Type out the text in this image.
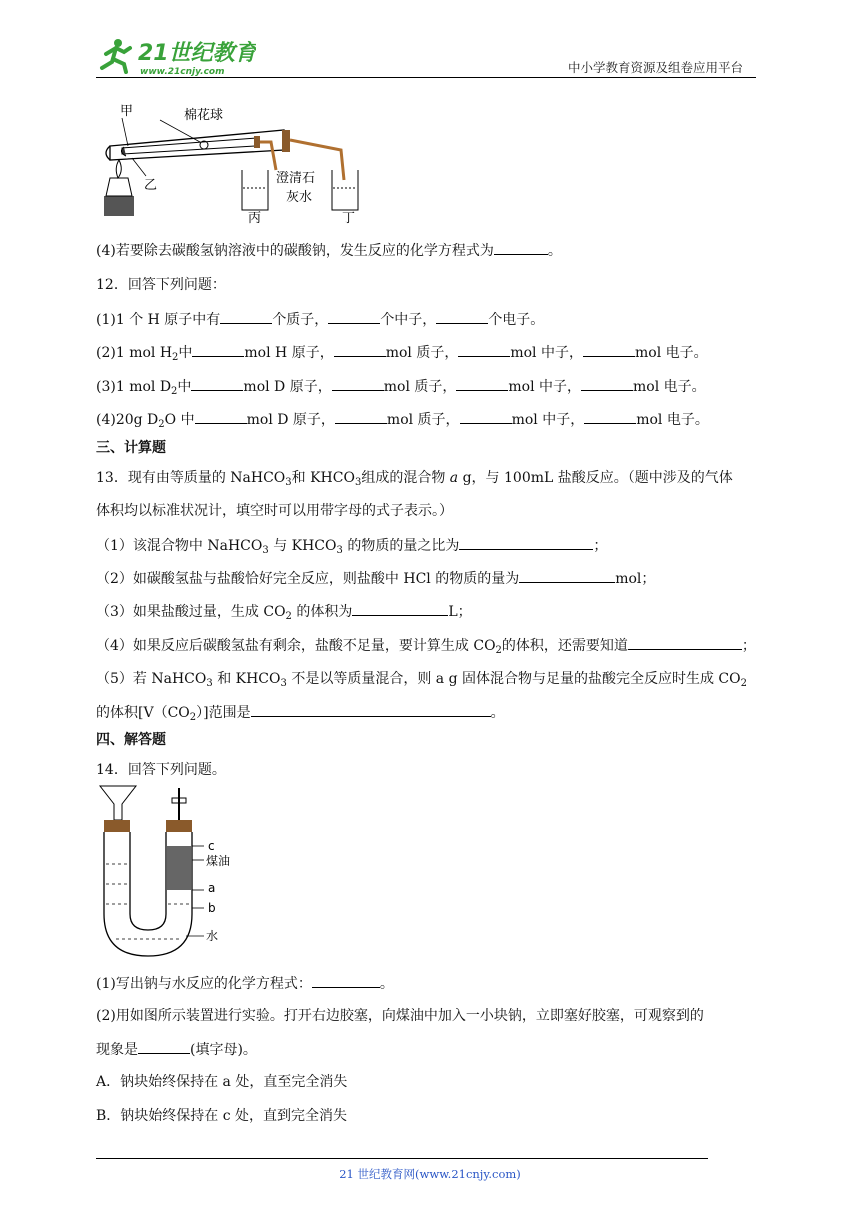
21世纪教育
www.21cnjy.com	中小学教育资源及组卷应用平台
甲	棉花球
乙	澄清石
灰水
丙	丁
(4)若要除去碳酸氢钠溶液中的碳酸钠，发生反应的化学方程式为	。
12．回答下列问题：
(1)1 个 H 原子中有	个质子，	个中子，	个电子。
(2)1 mol $H_2$中	mol H 原子，	mol 质子，	mol 中子，	mol 电子。
(3)1 mol $D_2$中	mol D 原子，	mol 质子，	mol 中子，	mol 电子。
(4)20g $D_2O$ 中	mol D 原子，	mol 质子，	mol 中子，	mol 电子。
三、计算题
13．现有由等质量的 NaHCO$_3$和 $KHCO_3$组成的混合物 a g，与 100mL 盐酸反应。（题中涉及的气体
体积均以标准状况计，填空时可以用带字母的式子表示。）
（1）该混合物中 NaHCO$_3$ 与 $KHCO_3$ 的物质的量之比为	；
（2）如碳酸氢盐与盐酸恰好完全反应，则盐酸中 HCl 的物质的量为	mol；
（3）如果盐酸过量，生成 $CO_2$ 的体积为	L；
（4）如果反应后碳酸氢盐有剩余，盐酸不足量，要计算生成 $CO_2$的体积，还需要知道	；
（5）若 NaHCO$_3$ 和 $KHCO_3$ 不是以等质量混合，则 a g 固体混合物与足量的盐酸完全反应时生成 $CO_2$
的体积$[V(CO_2)]$范围是	。
四、解答题
14．回答下列问题。
c
煤油
a
b
水
(1)写出钠与水反应的化学方程式：	。
(2)用如图所示装置进行实验。打开右边胶塞，向煤油中加入一小块钠，立即塞好胶塞，可观察到的
现象是	(填字母)。
A．钠块始终保持在 a 处，直至完全消失
B．钠块始终保持在 c 处，直到完全消失
21 世纪教育网(www.21cnjy.com)
